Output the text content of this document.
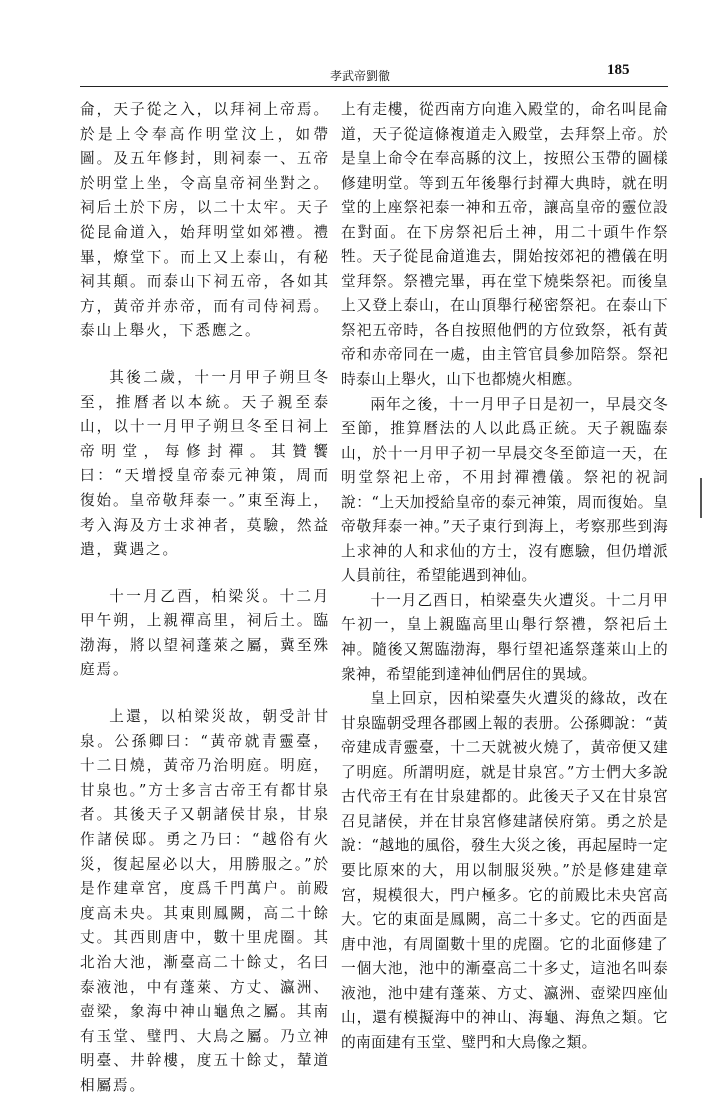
孝武帝劉徹	185

侖，天子從之入，以拜祠上帝焉。於是上令奉高作明堂汶上，如帶圖。及五年修封，則祠泰一、五帝於明堂上坐，令高皇帝祠坐對之。祠后土於下房，以二十太牢。天子從昆侖道入，始拜明堂如郊禮。禮畢，燎堂下。而上又上泰山，有秘祠其顛。而泰山下祠五帝，各如其方，黃帝并赤帝，而有司侍祠焉。泰山上舉火，下悉應之。

其後二歲，十一月甲子朔旦冬至，推曆者以本統。天子親至泰山，以十一月甲子朔旦冬至日祠上帝明堂，每修封禪。其贊饗曰：“天增授皇帝泰元神策，周而復始。皇帝敬拜泰一。”東至海上，考入海及方士求神者，莫驗，然益遣，冀遇之。

十一月乙酉，柏梁災。十二月甲午朔，上親禪高里，祠后土。臨渤海，將以望祠蓬萊之屬，冀至殊庭焉。

上還，以柏梁災故，朝受計甘泉。公孫卿曰：“黃帝就青靈臺，十二日燒，黃帝乃治明庭。明庭，甘泉也。”方士多言古帝王有都甘泉者。其後天子又朝諸侯甘泉，甘泉作諸侯邸。勇之乃曰：“越俗有火災，復起屋必以大，用勝服之。”於是作建章宮，度爲千門萬户。前殿度高未央。其東則鳳闕，高二十餘丈。其西則唐中，數十里虎圈。其北治大池，漸臺高二十餘丈，名曰泰液池，中有蓬萊、方丈、瀛洲、壺梁，象海中神山龜魚之屬。其南有玉堂、璧門、大鳥之屬。乃立神明臺、井幹樓，度五十餘丈，輦道相屬焉。

上有走樓，從西南方向進入殿堂的，命名叫昆侖道，天子從這條複道走入殿堂，去拜祭上帝。於是皇上命令在奉高縣的汶上，按照公玉帶的圖樣修建明堂。等到五年後舉行封禪大典時，就在明堂的上座祭祀泰一神和五帝，讓高皇帝的靈位設在對面。在下房祭祀后土神，用二十頭牛作祭牲。天子從昆侖道進去，開始按郊祀的禮儀在明堂拜祭。祭禮完畢，再在堂下燒柴祭祀。而後皇上又登上泰山，在山頂舉行秘密祭祀。在泰山下祭祀五帝時，各自按照他們的方位致祭，祇有黃帝和赤帝同在一處，由主管官員參加陪祭。祭祀時泰山上舉火，山下也都燒火相應。

兩年之後，十一月甲子日是初一，早晨交冬至節，推算曆法的人以此爲正統。天子親臨泰山，於十一月甲子初一早晨交冬至節這一天，在明堂祭祀上帝，不用封禪禮儀。祭祀的祝詞說：“上天加授給皇帝的泰元神策，周而復始。皇帝敬拜泰一神。”天子東行到海上，考察那些到海上求神的人和求仙的方士，沒有應驗，但仍增派人員前往，希望能遇到神仙。

十一月乙酉日，柏梁臺失火遭災。十二月甲午初一，皇上親臨高里山舉行祭禮，祭祀后土神。隨後又駕臨渤海，舉行望祀遙祭蓬萊山上的衆神，希望能到達神仙們居住的異域。

皇上回京，因柏梁臺失火遭災的緣故，改在甘泉臨朝受理各郡國上報的表册。公孫卿說：“黃帝建成青靈臺，十二天就被火燒了，黃帝便又建了明庭。所謂明庭，就是甘泉宮。”方士們大多說古代帝王有在甘泉建都的。此後天子又在甘泉宮召見諸侯，并在甘泉宮修建諸侯府第。勇之於是說：“越地的風俗，發生大災之後，再起屋時一定要比原來的大，用以制服災殃。”於是修建建章宮，規模很大，門户極多。它的前殿比未央宮高大。它的東面是鳳闕，高二十多丈。它的西面是唐中池，有周圍數十里的虎圈。它的北面修建了一個大池，池中的漸臺高二十多丈，這池名叫泰液池，池中建有蓬萊、方丈、瀛洲、壺梁四座仙山，還有模擬海中的神山、海龜、海魚之類。它的南面建有玉堂、璧門和大鳥像之類。
